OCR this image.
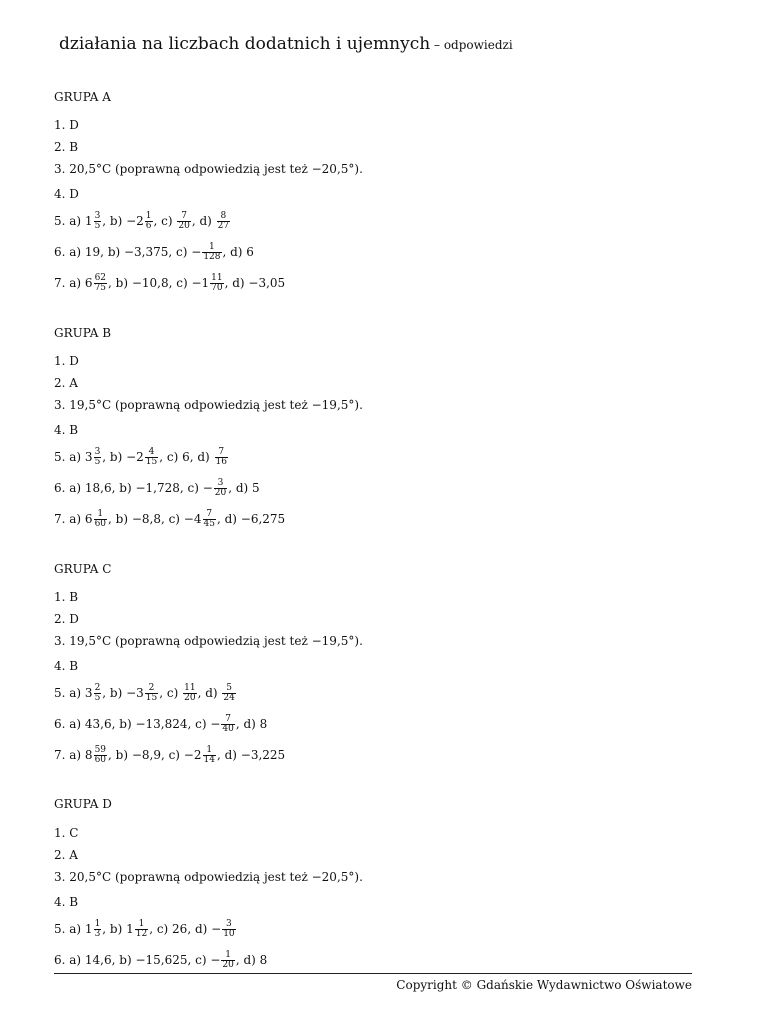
działania na liczbach dodatnich i ujemnych – odpowiedzi
GRUPA A
1. D
2. B
3. 20,5°C (poprawną odpowiedzią jest też −20,5°).
4. D
5. a) $1 \frac{3}{5}$ , $b) -2 \frac{1}{6}$ , $c) \frac{7}{20}$ , $d) \frac{8}{27}$
6. a) 19, b) −3,375, $c) - \frac{1}{128}$ , d) 6
7. a) $6 \frac{62}{75}$ , b) −10,8, $c) -1 \frac{11}{70}$ , d) −3,05
GRUPA B
1. D
2. A
3. 19,5°C (poprawną odpowiedzią jest też −19,5°).
4. B
5. a) $3 \frac{3}{5}$ , $b) -2 \frac{4}{15}$ , c) 6, $d) \frac{7}{16}$
6. a) 18,6, b) −1,728, $c) - \frac{3}{20}$ , d) 5
7. a) $6 \frac{1}{60}$ , b) −8,8, $c) -4 \frac{7}{45}$ , d) −6,275
GRUPA C
1. B
2. D
3. 19,5°C (poprawną odpowiedzią jest też −19,5°).
4. B
5. a) $3 \frac{2}{5}$ , $b) -3 \frac{2}{15}$ , $c) \frac{11}{20}$ , $d) \frac{5}{24}$
6. a) 43,6, b) −13,824, $c) - \frac{7}{40}$ , d) 8
7. a) $8 \frac{59}{60}$ , b) −8,9, $c) -2 \frac{1}{14}$ , d) −3,225
GRUPA D
1. C
2. A
3. 20,5°C (poprawną odpowiedzią jest też −20,5°).
4. B
5. a) $1 \frac{1}{3}$ , b) $1 \frac{1}{12}$ , c) 26, $d) - \frac{3}{10}$
6. a) 14,6, b) −15,625, $c) - \frac{1}{20}$ , d) 8
Copyright © Gdańskie Wydawnictwo Oświatowe
